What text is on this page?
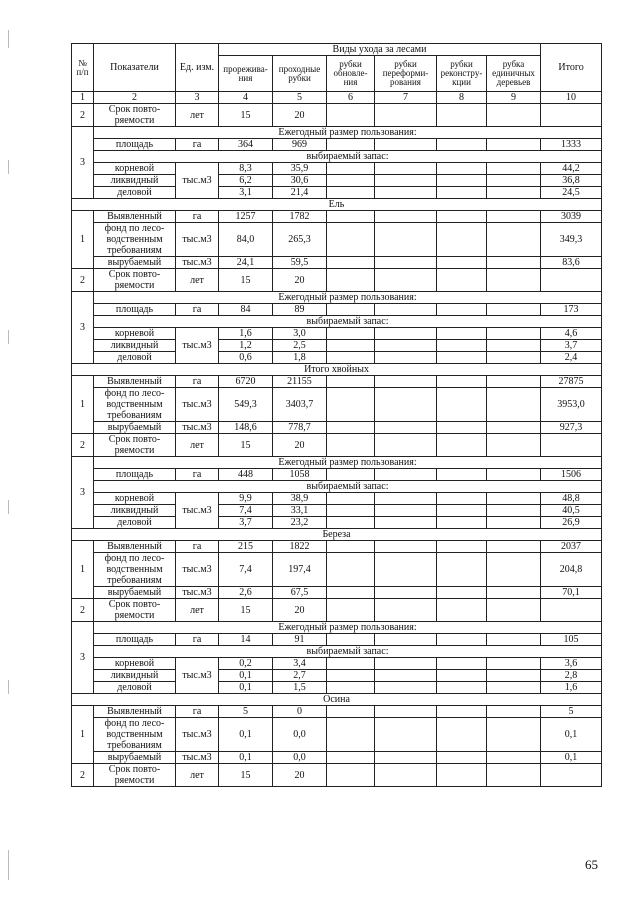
№ п/п	Показатели	Ед. изм.	Виды ухода за лесами						Итого
			прорежива-ния	проходные рубки	рубки обновле-ния	рубки переформи-рования	рубки реконстру-кции	рубка единичных деревьев	
1	2	3	4	5	6	7	8	9	10
2	Срок повто-ряемости	лет	15	20					
3	Ежегодный размер пользования:								
	площадь	га	364	969					1333
	выбираемый запас:								
	корневой	тыс.м3	8,3	35,9					44,2
	ликвидный		6,2	30,6					36,8
	деловой		3,1	21,4					24,5
Ель									
1	Выявленный	га	1257	1782					3039
	фонд по лесо-водственным требованиям	тыс.м3	84,0	265,3					349,3
	вырубаемый	тыс.м3	24,1	59,5					83,6
2	Срок повто-ряемости	лет	15	20					
3	Ежегодный размер пользования:								
	площадь	га	84	89					173
	выбираемый запас:								
	корневой	тыс.м3	1,6	3,0					4,6
	ликвидный		1,2	2,5					3,7
	деловой		0,6	1,8					2,4
Итого хвойных									
1	Выявленный	га	6720	21155					27875
	фонд по лесо-водственным требованиям	тыс.м3	549,3	3403,7					3953,0
	вырубаемый	тыс.м3	148,6	778,7					927,3
2	Срок повто-ряемости	лет	15	20					
3	Ежегодный размер пользования:								
	площадь	га	448	1058					1506
	выбираемый запас:								
	корневой	тыс.м3	9,9	38,9					48,8
	ликвидный		7,4	33,1					40,5
	деловой		3,7	23,2					26,9
Береза									
1	Выявленный	га	215	1822					2037
	фонд по лесо-водственным требованиям	тыс.м3	7,4	197,4					204,8
	вырубаемый	тыс.м3	2,6	67,5					70,1
2	Срок повто-ряемости	лет	15	20					
3	Ежегодный размер пользования:								
	площадь	га	14	91					105
	выбираемый запас:								
	корневой	тыс.м3	0,2	3,4					3,6
	ликвидный		0,1	2,7					2,8
	деловой		0,1	1,5					1,6
Осина									
1	Выявленный	га	5	0					5
	фонд по лесо-водственным требованиям	тыс.м3	0,1	0,0					0,1
	вырубаемый	тыс.м3	0,1	0,0					0,1
2	Срок повто-ряемости	лет	15	20					
65
